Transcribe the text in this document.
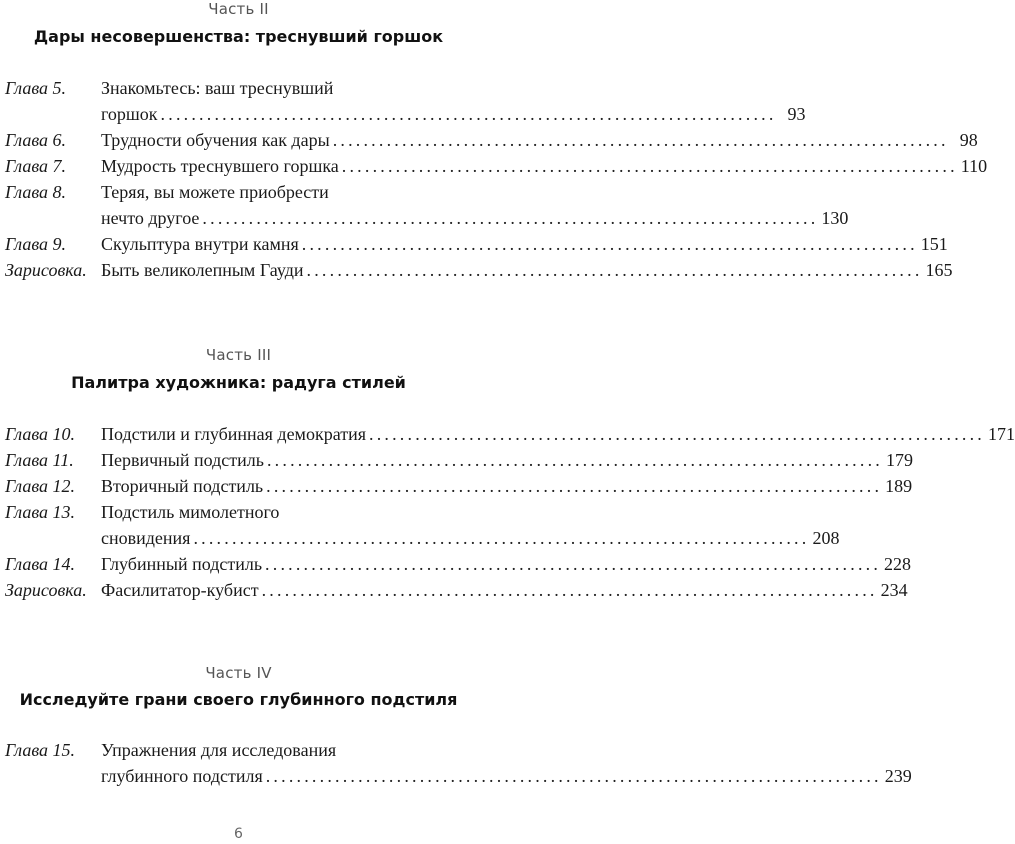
Часть II
Дары несовершенства: треснувший горшок
Глава 5. Знакомьтесь: ваш треснувший
горшок ................................................................................ 93
Глава 6. Трудности обучения как дары ................................................................................ 98
Глава 7. Мудрость треснувшего горшка ................................................................................ 110
Глава 8. Теряя, вы можете приобрести
нечто другое ................................................................................ 130
Глава 9. Скульптура внутри камня ................................................................................ 151
Зарисовка. Быть великолепным Гауди ................................................................................ 165
Часть III
Палитра художника: радуга стилей
Глава 10. Подстили и глубинная демократия ................................................................................ 171
Глава 11. Первичный подстиль ................................................................................ 179
Глава 12. Вторичный подстиль ................................................................................ 189
Глава 13. Подстиль мимолетного
сновидения ................................................................................ 208
Глава 14. Глубинный подстиль ................................................................................ 228
Зарисовка. Фасилитатор-кубист ................................................................................ 234
Часть IV
Исследуйте грани своего глубинного подстиля
Глава 15. Упражнения для исследования
глубинного подстиля ................................................................................ 239
6
